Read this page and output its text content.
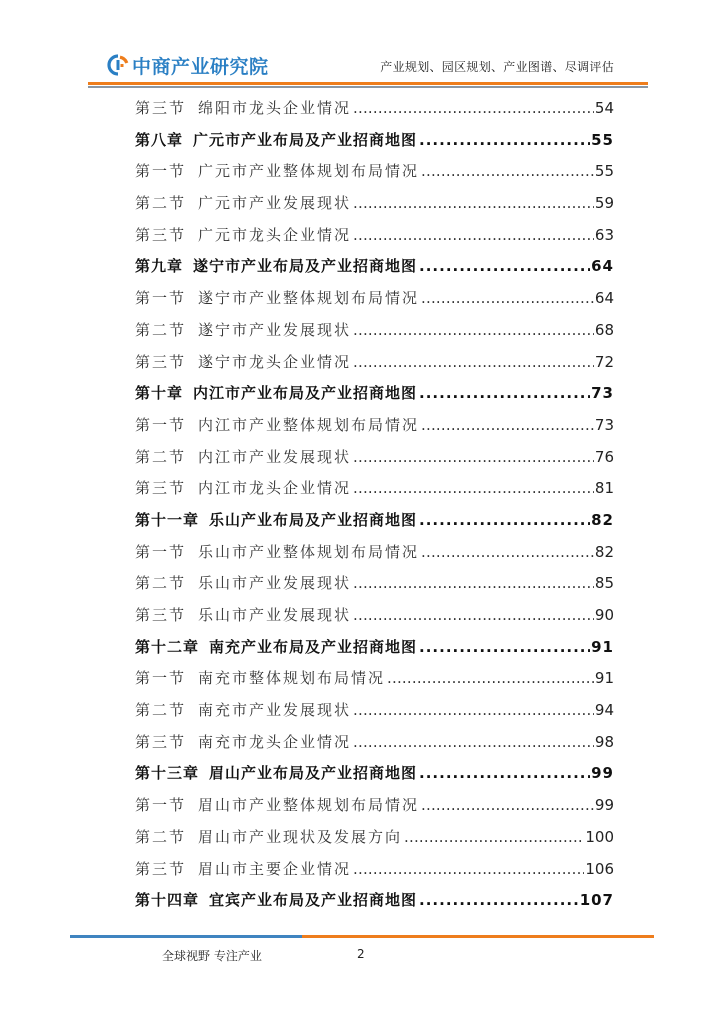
中商产业研究院	产业规划、园区规划、产业图谱、尽调评估
第三节 绵阳市龙头企业情况 .....	54
第八章 广元市产业布局及产业招商地图 .....	55
第一节 广元市产业整体规划布局情况 .....	55
第二节 广元市产业发展现状 .....	59
第三节 广元市龙头企业情况 .....	63
第九章 遂宁市产业布局及产业招商地图 .....	64
第一节 遂宁市产业整体规划布局情况 .....	64
第二节 遂宁市产业发展现状 .....	68
第三节 遂宁市龙头企业情况 .....	72
第十章 内江市产业布局及产业招商地图 .....	73
第一节 内江市产业整体规划布局情况 .....	73
第二节 内江市产业发展现状 .....	76
第三节 内江市龙头企业情况 .....	81
第十一章 乐山产业布局及产业招商地图 .....	82
第一节 乐山市产业整体规划布局情况 .....	82
第二节 乐山市产业发展现状 .....	85
第三节 乐山市产业发展现状 .....	90
第十二章 南充产业布局及产业招商地图 .....	91
第一节 南充市整体规划布局情况 .....	91
第二节 南充市产业发展现状 .....	94
第三节 南充市龙头企业情况 .....	98
第十三章 眉山产业布局及产业招商地图 .....	99
第一节 眉山市产业整体规划布局情况 .....	99
第二节 眉山市产业现状及发展方向 .....	100
第三节 眉山市主要企业情况 .....	106
第十四章 宜宾产业布局及产业招商地图 .....	107
全球视野 专注产业	2
